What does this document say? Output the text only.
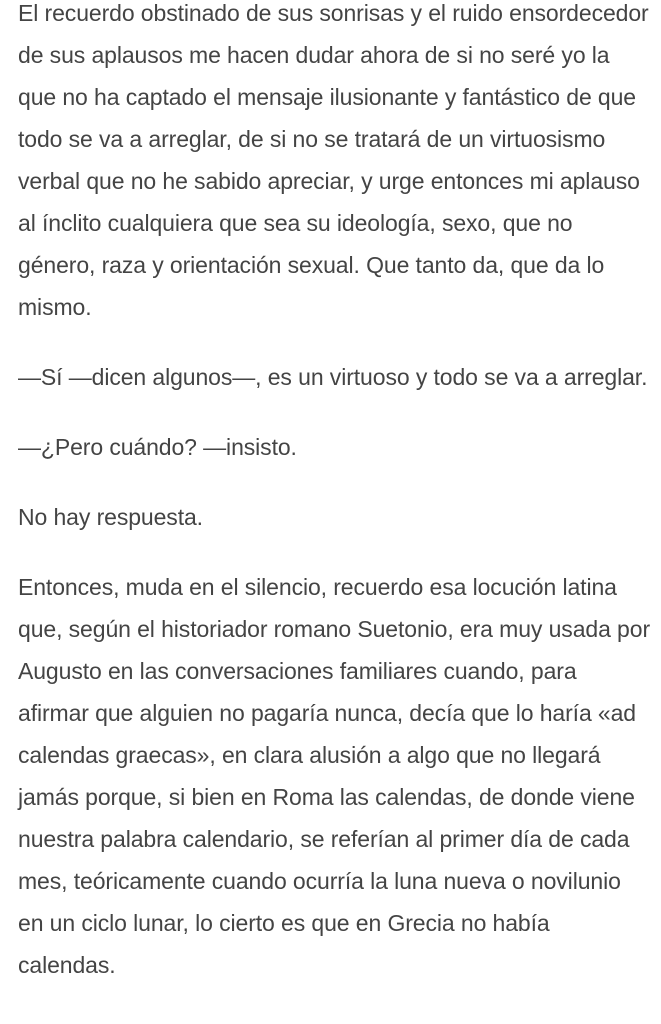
El recuerdo obstinado de sus sonrisas y el ruido ensordecedor de sus aplausos me hacen dudar ahora de si no seré yo la que no ha captado el mensaje ilusionante y fantástico de que todo se va a arreglar, de si no se tratará de un virtuosismo verbal que no he sabido apreciar, y urge entonces mi aplauso al ínclito cualquiera que sea su ideología, sexo, que no género, raza y orientación sexual. Que tanto da, que da lo mismo.

—Sí —dicen algunos—, es un virtuoso y todo se va a arreglar.

—¿Pero cuándo? —insisto.

No hay respuesta.

Entonces, muda en el silencio, recuerdo esa locución latina que, según el historiador romano Suetonio, era muy usada por Augusto en las conversaciones familiares cuando, para afirmar que alguien no pagaría nunca, decía que lo haría «ad calendas graecas», en clara alusión a algo que no llegará jamás porque, si bien en Roma las calendas, de donde viene nuestra palabra calendario, se referían al primer día de cada mes, teóricamente cuando ocurría la luna nueva o novilunio en un ciclo lunar, lo cierto es que en Grecia no había calendas.
